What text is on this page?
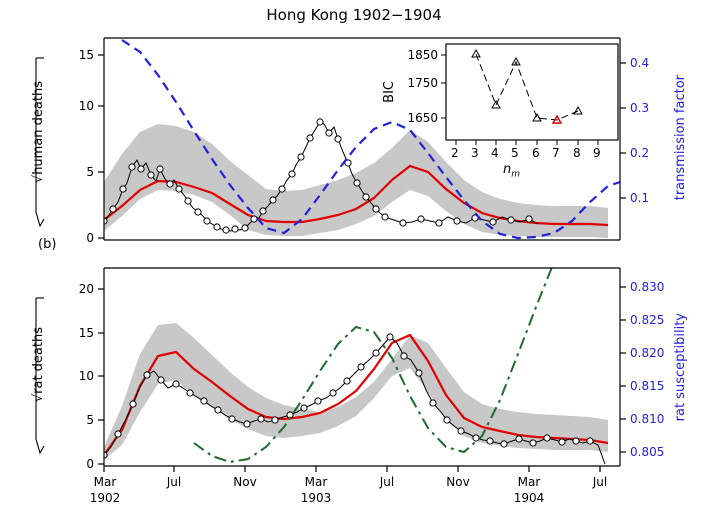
Hong Kong 1902−1904
0
5
10
15
0.1
0.2
0.3
0.4
√human deaths	transmission factor
1850
1750
1650
BIC
2 3 4 5 6 7 8 9
$n_m$
(b)
0
5
10
15
20
0.805
0.810
0.815
0.820
0.825
0.830
√rat deaths	rat susceptibility
Mar	Jul	Nov	Mar	Jul	Nov	Mar	Jul
1902	1903	1904
